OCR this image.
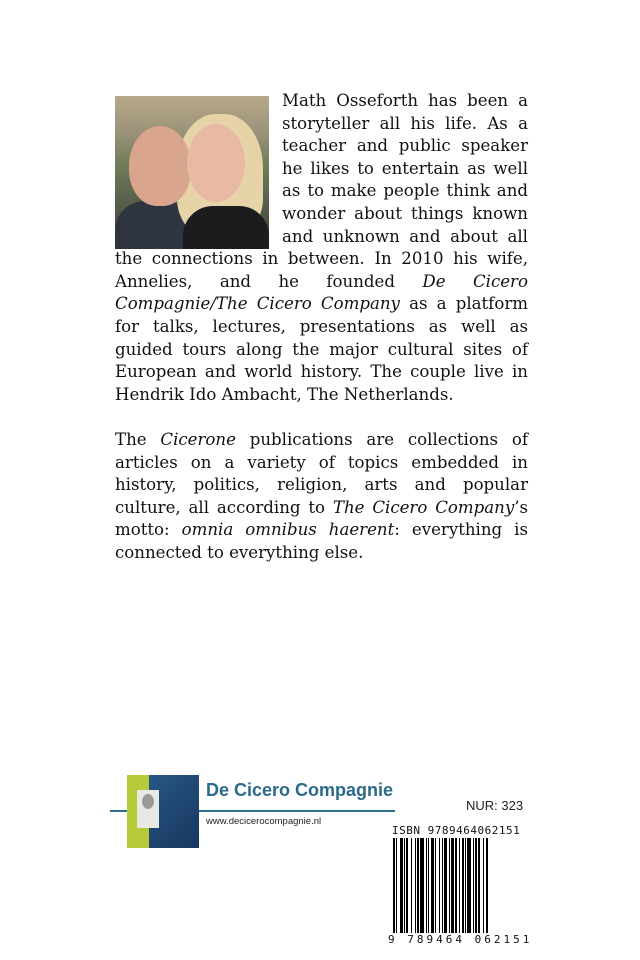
Math Osseforth has been a storyteller all his life. As a teacher and public speaker he likes to entertain as well as to make people think and wonder about things known and unknown and about all the connections in between. In 2010 his wife, Annelies, and he founded De Cicero Compagnie/The Cicero Company as a platform for talks, lectures, presentations as well as guided tours along the major cultural sites of European and world history. The couple live in Hendrik Ido Ambacht, The Netherlands.

The Cicerone publications are collections of articles on a variety of topics embedded in history, politics, religion, arts and popular culture, all according to The Cicero Company’s motto: omnia omnibus haerent: everything is connected to everything else.

De Cicero Compagnie
www.decicerocompagnie.nl
NUR: 323
ISBN 9789464062151
9 789464 062151
